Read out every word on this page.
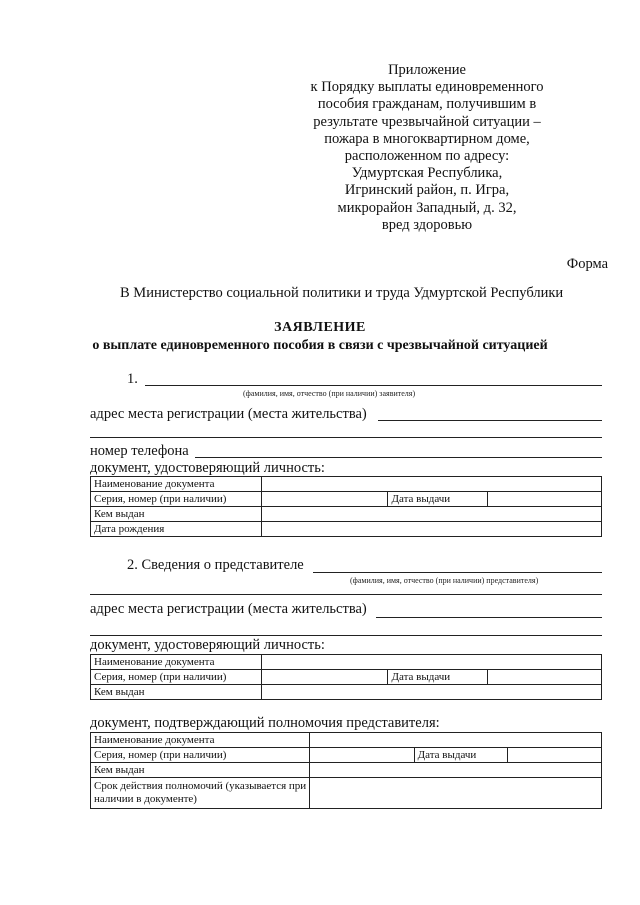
Приложение
к Порядку выплаты единовременного
пособия гражданам, получившим в
результате чрезвычайной ситуации –
пожара в многоквартирном доме,
расположенном по адресу:
Удмуртская Республика,
Игринский район, п. Игра,
микрорайон Западный, д. 32,
вред здоровью
Форма
В Министерство социальной политики и труда Удмуртской Республики
ЗАЯВЛЕНИЕ
о выплате единовременного пособия в связи с чрезвычайной ситуацией
1.
(фамилия, имя, отчество (при наличии) заявителя)
адрес места регистрации (места жительства)
номер телефона
документ, удостоверяющий личность:
Наименование документа			
Серия, номер (при наличии)		Дата выдачи	
Кем выдан			
Дата рождения			
2. Сведения о представителе
(фамилия, имя, отчество (при наличии) представителя)
адрес места регистрации (места жительства)
документ, удостоверяющий личность:
Наименование документа			
Серия, номер (при наличии)		Дата выдачи	
Кем выдан			
документ, подтверждающий полномочия представителя:
Наименование документа			
Серия, номер (при наличии)		Дата выдачи	
Кем выдан			

Срок действия полномочий (указывается при
наличии в документе)			
